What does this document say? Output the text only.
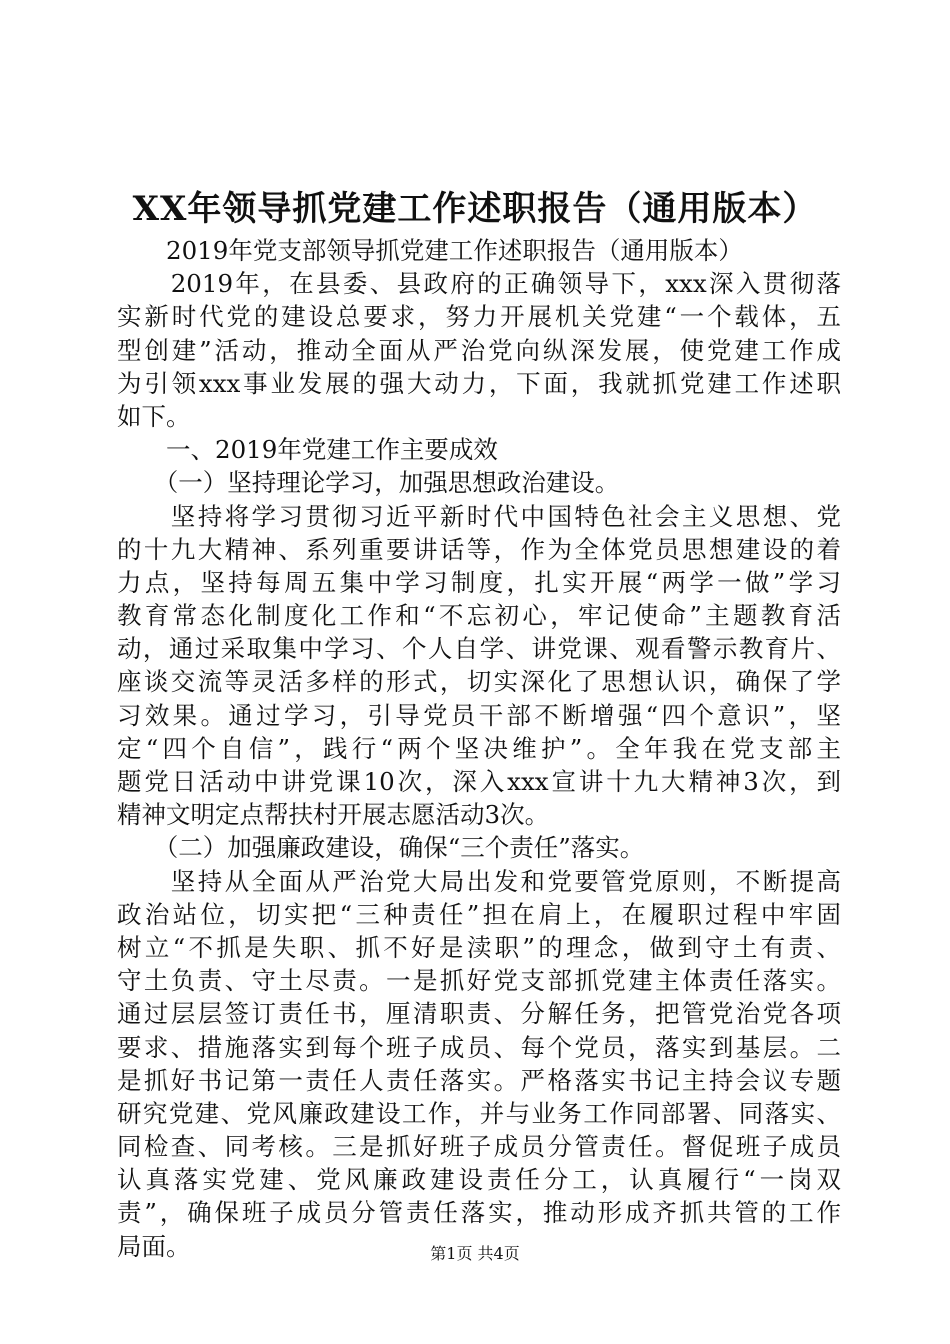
XX年领导抓党建工作述职报告（通用版本）
　　2019年党支部领导抓党建工作述职报告（通用版本）
　　2019年，在县委、县政府的正确领导下，xxx深入贯彻落
实新时代党的建设总要求，努力开展机关党建“一个载体，五
型创建”活动，推动全面从严治党向纵深发展，使党建工作成
为引领xxx事业发展的强大动力，下面，我就抓党建工作述职
如下。
　　一、2019年党建工作主要成效
　　（一）坚持理论学习，加强思想政治建设。
　　坚持将学习贯彻习近平新时代中国特色社会主义思想、党
的十九大精神、系列重要讲话等，作为全体党员思想建设的着
力点，坚持每周五集中学习制度，扎实开展“两学一做”学习
教育常态化制度化工作和“不忘初心，牢记使命”主题教育活
动，通过采取集中学习、个人自学、讲党课、观看警示教育片、
座谈交流等灵活多样的形式，切实深化了思想认识，确保了学
习效果。通过学习，引导党员干部不断增强“四个意识”，坚
定“四个自信”，践行“两个坚决维护”。全年我在党支部主
题党日活动中讲党课10次，深入xxx宣讲十九大精神3次，到
精神文明定点帮扶村开展志愿活动3次。
　　（二）加强廉政建设，确保“三个责任”落实。
　　坚持从全面从严治党大局出发和党要管党原则，不断提高
政治站位，切实把“三种责任”担在肩上，在履职过程中牢固
树立“不抓是失职、抓不好是渎职”的理念，做到守土有责、
守土负责、守土尽责。一是抓好党支部抓党建主体责任落实。
通过层层签订责任书，厘清职责、分解任务，把管党治党各项
要求、措施落实到每个班子成员、每个党员，落实到基层。二
是抓好书记第一责任人责任落实。严格落实书记主持会议专题
研究党建、党风廉政建设工作，并与业务工作同部署、同落实、
同检查、同考核。三是抓好班子成员分管责任。督促班子成员
认真落实党建、党风廉政建设责任分工，认真履行“一岗双
责”，确保班子成员分管责任落实，推动形成齐抓共管的工作
局面。	第1页 共4页
